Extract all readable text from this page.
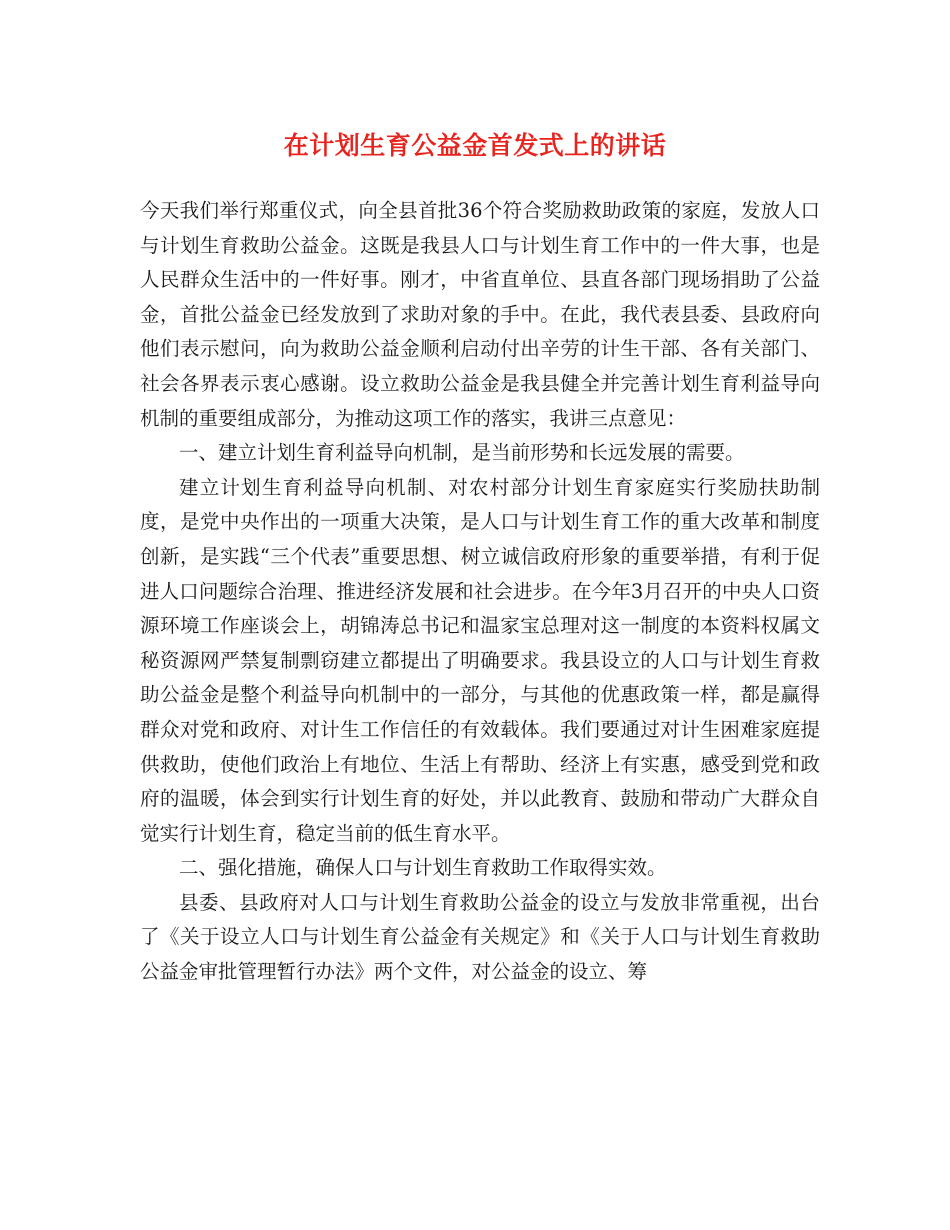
在计划生育公益金首发式上的讲话

今天我们举行郑重仪式，向全县首批36个符合奖励救助政策的家庭，发放人口与计划生育救助公益金。这既是我县人口与计划生育工作中的一件大事，也是人民群众生活中的一件好事。刚才，中省直单位、县直各部门现场捐助了公益金，首批公益金已经发放到了求助对象的手中。在此，我代表县委、县政府向他们表示慰问，向为救助公益金顺利启动付出辛劳的计生干部、各有关部门、社会各界表示衷心感谢。设立救助公益金是我县健全并完善计划生育利益导向机制的重要组成部分，为推动这项工作的落实，我讲三点意见：

一、建立计划生育利益导向机制，是当前形势和长远发展的需要。

建立计划生育利益导向机制、对农村部分计划生育家庭实行奖励扶助制度，是党中央作出的一项重大决策，是人口与计划生育工作的重大改革和制度创新，是实践“三个代表”重要思想、树立诚信政府形象的重要举措，有利于促进人口问题综合治理、推进经济发展和社会进步。在今年3月召开的中央人口资源环境工作座谈会上，胡锦涛总书记和温家宝总理对这一制度的本资料权属文秘资源网严禁复制剽窃建立都提出了明确要求。我县设立的人口与计划生育救助公益金是整个利益导向机制中的一部分，与其他的优惠政策一样，都是赢得群众对党和政府、对计生工作信任的有效载体。我们要通过对计生困难家庭提供救助，使他们政治上有地位、生活上有帮助、经济上有实惠，感受到党和政府的温暖，体会到实行计划生育的好处，并以此教育、鼓励和带动广大群众自觉实行计划生育，稳定当前的低生育水平。

二、强化措施，确保人口与计划生育救助工作取得实效。

县委、县政府对人口与计划生育救助公益金的设立与发放非常重视，出台了《关于设立人口与计划生育公益金有关规定》和《关于人口与计划生育救助公益金审批管理暂行办法》两个文件，对公益金的设立、筹
